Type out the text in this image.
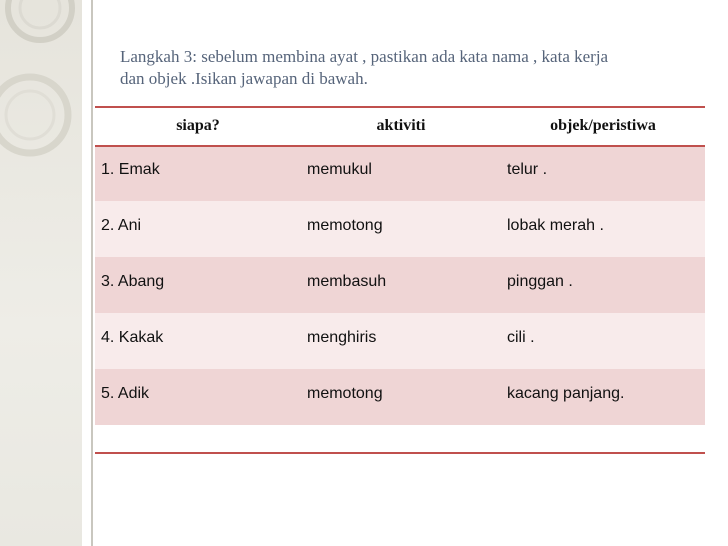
Langkah 3: sebelum membina ayat , pastikan ada kata nama , kata kerja
dan objek .Isikan jawapan di bawah.
siapa?	aktiviti	objek/peristiwa
1. Emak	memukul	telur .
2. Ani	memotong	lobak merah .
3. Abang	membasuh	pinggan .
4. Kakak	menghiris	cili .
5. Adik	memotong	kacang panjang.
